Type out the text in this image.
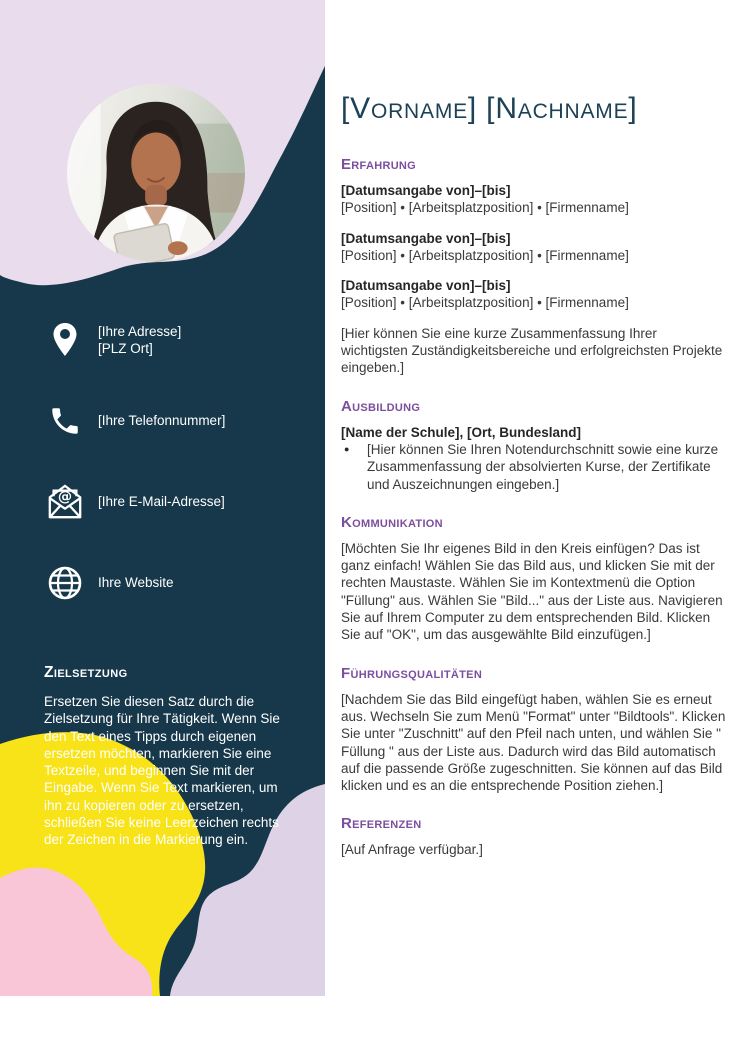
[Ihre Adresse]
[PLZ Ort]
[Ihre Telefonnummer]
@ [Ihre E-Mail-Adresse]
Ihre Website
Zielsetzung
Ersetzen Sie diesen Satz durch die Zielsetzung für Ihre Tätigkeit. Wenn Sie den Text eines Tipps durch eigenen ersetzen möchten, markieren Sie eine Textzeile, und beginnen Sie mit der Eingabe. Wenn Sie Text markieren, um ihn zu kopieren oder zu ersetzen, schließen Sie keine Leerzeichen rechts der Zeichen in die Markierung ein.
[Vorname] [Nachname]
Erfahrung
[Datumsangabe von]–[bis]
[Position] • [Arbeitsplatzposition] • [Firmenname]
[Datumsangabe von]–[bis]
[Position] • [Arbeitsplatzposition] • [Firmenname]
[Datumsangabe von]–[bis]
[Position] • [Arbeitsplatzposition] • [Firmenname]

[Hier können Sie eine kurze Zusammenfassung Ihrer wichtigsten Zuständigkeitsbereiche und erfolgreichsten Projekte eingeben.]

Ausbildung
[Name der Schule], [Ort, Bundesland]
●	[Hier können Sie Ihren Notendurchschnitt sowie eine kurze Zusammenfassung der absolvierten Kurse, der Zertifikate und Auszeichnungen eingeben.]
Kommunikation

[Möchten Sie Ihr eigenes Bild in den Kreis einfügen? Das ist ganz einfach! Wählen Sie das Bild aus, und klicken Sie mit der rechten Maustaste. Wählen Sie im Kontextmenü die Option "Füllung" aus. Wählen Sie "Bild..." aus der Liste aus. Navigieren Sie auf Ihrem Computer zu dem entsprechenden Bild. Klicken Sie auf "OK", um das ausgewählte Bild einzufügen.]

Führungsqualitäten

[Nachdem Sie das Bild eingefügt haben, wählen Sie es erneut aus. Wechseln Sie zum Menü "Format" unter "Bildtools". Klicken Sie unter "Zuschnitt" auf den Pfeil nach unten, und wählen Sie " Füllung " aus der Liste aus. Dadurch wird das Bild automatisch auf die passende Größe zugeschnitten. Sie können auf das Bild klicken und es an die entsprechende Position ziehen.]

Referenzen

[Auf Anfrage verfügbar.]
